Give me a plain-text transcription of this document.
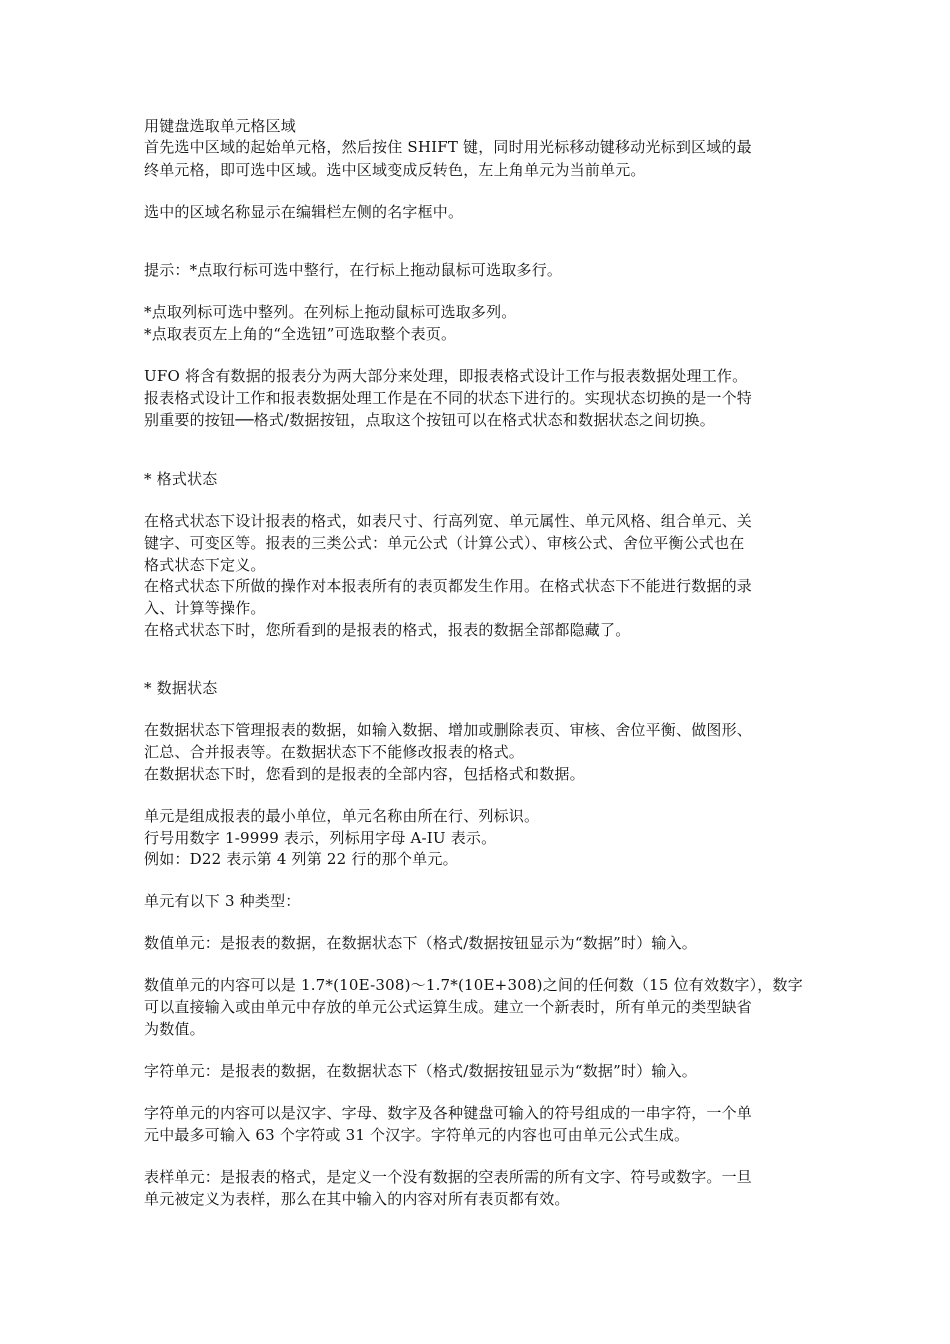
用键盘选取单元格区域
首先选中区域的起始单元格，然后按住 SHIFT 键，同时用光标移动键移动光标到区域的最
终单元格，即可选中区域。选中区域变成反转色，左上角单元为当前单元。
选中的区域名称显示在编辑栏左侧的名字框中。
提示：*点取行标可选中整行，在行标上拖动鼠标可选取多行。
*点取列标可选中整列。在列标上拖动鼠标可选取多列。
*点取表页左上角的“全选钮”可选取整个表页。
UFO 将含有数据的报表分为两大部分来处理，即报表格式设计工作与报表数据处理工作。
报表格式设计工作和报表数据处理工作是在不同的状态下进行的。实现状态切换的是一个特
别重要的按钮──格式/数据按钮，点取这个按钮可以在格式状态和数据状态之间切换。
* 格式状态
在格式状态下设计报表的格式，如表尺寸、行高列宽、单元属性、单元风格、组合单元、关
键字、可变区等。报表的三类公式：单元公式（计算公式）、审核公式、舍位平衡公式也在
格式状态下定义。
在格式状态下所做的操作对本报表所有的表页都发生作用。在格式状态下不能进行数据的录
入、计算等操作。
在格式状态下时，您所看到的是报表的格式，报表的数据全部都隐藏了。
* 数据状态
在数据状态下管理报表的数据，如输入数据、增加或删除表页、审核、舍位平衡、做图形、
汇总、合并报表等。在数据状态下不能修改报表的格式。
在数据状态下时，您看到的是报表的全部内容，包括格式和数据。
单元是组成报表的最小单位，单元名称由所在行、列标识。
行号用数字 1-9999 表示，列标用字母 A-IU 表示。
例如：D22 表示第 4 列第 22 行的那个单元。
单元有以下 3 种类型：
数值单元：是报表的数据，在数据状态下（格式/数据按钮显示为“数据”时）输入。
数值单元的内容可以是 1.7*(10E-308)～1.7*(10E+308)之间的任何数（15 位有效数字），数字
可以直接输入或由单元中存放的单元公式运算生成。建立一个新表时，所有单元的类型缺省
为数值。
字符单元：是报表的数据，在数据状态下（格式/数据按钮显示为“数据”时）输入。
字符单元的内容可以是汉字、字母、数字及各种键盘可输入的符号组成的一串字符，一个单
元中最多可输入 63 个字符或 31 个汉字。字符单元的内容也可由单元公式生成。
表样单元：是报表的格式，是定义一个没有数据的空表所需的所有文字、符号或数字。一旦
单元被定义为表样，那么在其中输入的内容对所有表页都有效。
